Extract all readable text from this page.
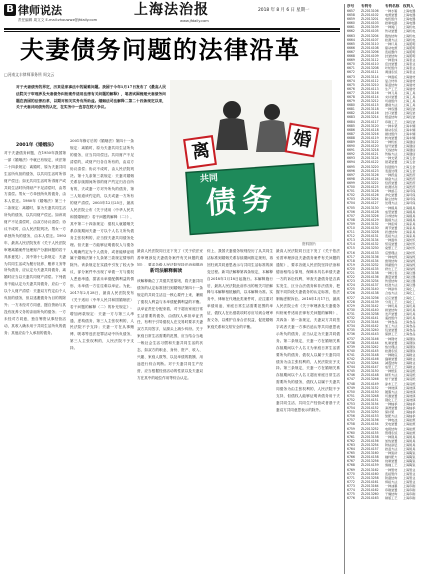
B 律师说法
责任编辑 周文文 E-mail:zhouwwz@jfdaily.com
上海法治报
www.jfdaily.com
2018 年 8 月 6 日 星期一
夫妻债务问题的法律沿革
□河南文丰律师事务所 周文云
对于夫妻债务的界定，历来是家事法中的疑难问题。我国于今年1月17日发布了《最高人民法院关于审理涉及夫妻债务纠纷案件适用法律有关问题的解释》，笔者试图梳理夫妻债务问题在我国的法律沿革，以期对相关实务有所助益。婚姻法司法解释二第二十四条规定以来，关于夫妻共同债务的认定，在实务中一直存在较大争议。
离
婚
共同
债务
资料图片
2001年《婚姻法》
对于夫妻债务问题，在1950年我国第一部《婚姻法》中就已有规定，该法第二十四条规定：离婚时，原为夫妻共同生活所负担的债务，以共同生活时所得财产偿还；如无共同生活时所得财产或共同生活时所得财产不足清偿时，由男方清偿。男女一方单独所负的债务，由本人偿还。1980年《婚姻法》第三十二条规定：离婚时，原为夫妻共同生活所负的债务，以共同财产偿还。如该项财产不足清偿时，由双方协议清偿；协议不成时，由人民法院判决。男女一方单独所负的债务，由本人偿还。1993年，最高人民法院发布《关于人民法院审理离婚案件处理财产分割问题的若干具体意见》，其中第十七条规定：夫妻为共同生活或为履行抚养、赡养义务等所负债务，应认定为夫妻共同债务，离婚时应当以夫妻共同财产清偿。下列债务不能认定为夫妻共同债务，应由一方以个人财产清偿：夫妻双方约定由个人负担的债务，但以逃避债务为目的的除外；一方未经对方同意，擅自资助与其没有抚养义务的亲朋所负的债务；一方未经对方同意，独自筹资从事经营活动，其收入确未用于共同生活所负的债务；其他应由个人承担的债务。
2001年修订后的《婚姻法》第四十一条规定：离婚时，原为夫妻共同生活所负的债务，应当共同偿还。共同财产不足清偿的，或财产归各自所有的，由双方协议清偿；协议不成时，由人民法院判决。第十九条第三款规定：夫妻对婚姻关系存续期间所得的财产约定归各自所有的，夫或妻一方对外所负的债务，第三人知道该约定的，以夫或妻一方所有的财产清偿。2003年12月25日，最高人民法院公布《关于适用〈中华人民共和国婚姻法〉若干问题的解释（二）》，其中第二十四条规定：债权人就婚姻关系存续期间夫妻一方以个人名义所负债务主张权利的，应当按夫妻共同债务处理。但夫妻一方能够证明债权人与债务人明确约定为个人债务，或者能够证明属于婚姻法第十九条第三款规定情形的除外。该条规定在实践中引发了较大争议，部分案件中出现了举债一方与债权人恶意串通、损害未举债配偶利益的情形，未举债一方往往难以举证。为此，2017年2月28日，最高人民法院发布《关于适用〈中华人民共和国婚姻法〉若干问题的解释（二）的补充规定》，增加两款规定：夫妻一方与第三人串通，虚构债务，第三人主张权利的，人民法院不予支持；夫妻一方在从事赌博、吸毒等违法犯罪活动中所负债务，第三人主张权利的，人民法院不予支持。
最高人民法院同日还下发了《关于依法妥善审理涉及夫妻债务案件有关问题的通知》，要求各级人民法院坚持法治和德治
新司法解释解读
该解释确立了共债共签原则，将夫妻共同债务的认定标准回归到婚姻法第四十一条规定的共同生活这一核心要件上来，兼顾了债权人利益与未举债配偶利益的平衡。从举证责任分配来看，对于超出家庭日常生活需要的债务，由债权人承担举证责任，有利于引导债权人在交易时要求夫妻双方共同签字，从源头上减少纠纷。关于家庭日常生活需要的范围，应当结合当地一般社会生活习惯和夫妻共同生活的状态，如双方的职业、身份、资产、收入、兴趣、家庭人数等，以及举债的数额、用途进行综合判断。对于夫妻共同生产经营，应当根据经营活动的性质以及夫妻双方在其中的地位作用等综合认定。
综上，我国夫妻债务规则经历了从共同生活标准到婚姻关系存续期间推定规则，再回归到共同意思表示与共同生活标准的演变过程。新司法解释第四条规定，本解释自2018年1月18日起施行。本解释施行后，最高人民法院此前作出的相关司法解释与本解释相抵触的，以本解释为准。实务中，律师在代理此类案件时，应注重对举债用途、家庭日常生活需要范围的举证，债权人在出借款项时亦应尽到合理审查义务，以维护自身合法权益，促进婚姻家庭关系和交易安全的平衡。
最高人民法院同日还下发了《关于依法妥善审理涉及夫妻债务案件有关问题的通知》，要求各级人民法院坚持法治和德治相结合原则，保障未具名举债夫妻一方的诉讼权利，审查夫妻债务是否真实发生，区分合法债务和非法债务，把握不同阶段夫妻债务的认定标准，依法制裁虚假诉讼。2018年1月17日，最高人民法院公布《关于审理涉及夫妻债务纠纷案件适用法律有关问题的解释》，共四条：第一条规定，夫妻双方共同签字或者夫妻一方事后追认等共同意思表示所负的债务，应当认定为夫妻共同债务。第二条规定，夫妻一方在婚姻关系存续期间以个人名义为家庭日常生活需要所负的债务，债权人以属于夫妻共同债务为由主张权利的，人民法院应予支持。第三条规定，夫妻一方在婚姻关系存续期间以个人名义超出家庭日常生活需要所负的债务，债权人以属于夫妻共同债务为由主张权利的，人民法院不予支持，但债权人能够证明该债务用于夫妻共同生活、共同生产经营或者基于夫妻双方共同意思表示的除外。
序号	专利号	专利名称	权利人
6657	ZL2013106	一种水箱	上海电器
6658	ZL2014102	电源装置	上海电器
6659	ZL2013201	电机组件	上海电器
6660	ZL2014103	控制电路	上海电器
6661	ZL2013109	一种阀门	上海机电
6662	ZL2014105	传动装置	上海机电
6663	ZL2013204	散热结构	上海机电
6664	ZL2014107	检测方法	上海机电
6665	ZL2013110	一种灯具	上海照明
6666	ZL2014108	驱动电源	上海照明
6667	ZL2013206	连接器件	上海照明
6668	ZL2014109	封装结构	上海照明
6669	ZL2013112	一种泵体	上海泵业
6670	ZL2014110	密封装置	上海泵业
6671	ZL2013208	叶轮组件	上海泵业
6672	ZL2014111	调速系统	上海泵业
6673	ZL2013114	一种面板	上海建材
6674	ZL2014112	复合材料	上海建材
6675	ZL2013210	保温结构	上海建材
6676	ZL2014113	生产工艺	上海建材
6677	ZL2013116	一种刀具	上海工具
6678	ZL2014114	夹持装置	上海工具
6679	ZL2013212	切削组件	上海工具
6680	ZL2014115	磨削方法	上海工具
6681	ZL2013118	一种容器	上海包装
6682	ZL2014116	封口装置	上海包装
6683	ZL2013214	纸盒结构	上海包装
6684	ZL2014117	印刷工艺	上海包装
6685	ZL2013120	一种车架	上海车辆
6686	ZL2014118	制动系统	上海车辆
6687	ZL2013216	悬挂组件	上海车辆
6688	ZL2014119	转向装置	上海车辆
6689	ZL2013122	一种机柜	上海通信
6690	ZL2014120	信号装置	上海通信
6691	ZL2013218	天线结构	上海通信
6692	ZL2014121	传输方法	上海通信
6693	ZL2013124	一种支架	上海五金
6694	ZL2014122	锁紧装置	上海五金
6695	ZL2013220	铰链组件	上海五金
6696	ZL2014123	表面处理	上海五金
6697	ZL2013126	一种药盒	上海医药
6698	ZL2014124	制备方法	上海医药
6699	ZL2013222	给药装置	上海医药
6700	ZL2014125	检测试剂	上海医药
6701	ZL2013128	一种滤芯	上海环保
6702	ZL2014126	净化装置	上海环保
6703	ZL2013224	除尘结构	上海环保
6704	ZL2014127	处理方法	上海环保
6705	ZL2013130	一种模具	上海模具
6706	ZL2014128	成型装置	上海模具
6707	ZL2013226	冷却结构	上海模具
6708	ZL2014129	脱模方法	上海模具
6709	ZL2013132	一种座椅	上海家具
6710	ZL2014130	调节装置	上海家具
6711	ZL2013228	折叠结构	上海家具
6712	ZL2014131	连接方法	上海家具
6713	ZL2013134	一种面料	上海纺织
6714	ZL2014132	织造装置	上海纺织
6715	ZL2013230	染整工艺	上海纺织
6716	ZL2014133	后整理法	上海纺织
6717	ZL2013136	一种电缆	上海线缆
6718	ZL2014134	绝缘结构	上海线缆
6719	ZL2013232	屏蔽组件	上海线缆
6720	ZL2014135	挤出工艺	上海线缆
6721	ZL2013138	一种仪表	上海仪器
6722	ZL2014136	测量装置	上海仪器
6723	ZL2013234	传感结构	上海仪器
6724	ZL2014137	校准方法	上海仪器
6725	ZL2013140	一种涂料	上海化工
6726	ZL2014138	合成方法	上海化工
6727	ZL2013236	反应装置	上海化工
6728	ZL2014139	分离工艺	上海化工
6729	ZL2013142	一种玩具	上海玩具
6730	ZL2014140	拼装结构	上海玩具
6731	ZL2013238	发声装置	上海玩具
6732	ZL2014141	遥控组件	上海玩具
6733	ZL2013144	一种食品	上海食品
6734	ZL2014142	加工方法	上海食品
6735	ZL2013240	包装装置	上海食品
6736	ZL2014143	保鲜工艺	上海食品
6737	ZL2013146	一种钢材	上海钢铁
6738	ZL2014144	轧制装置	上海钢铁
6739	ZL2013242	热处理法	上海钢铁
6740	ZL2014145	检测系统	上海钢铁
6741	ZL2013148	一种鞋底	上海鞋业
6742	ZL2014146	缝制装置	上海鞋业
6743	ZL2013244	减震结构	上海鞋业
6744	ZL2014147	成型工艺	上海鞋业
6745	ZL2013150	一种纸张	上海造纸
6746	ZL2014148	制浆方法	上海造纸
6747	ZL2013246	烘干装置	上海造纸
6748	ZL2014149	涂布工艺	上海造纸
6749	ZL2013152	一种玻璃	上海玻璃
6750	ZL2014150	镀膜方法	上海玻璃
6751	ZL2013248	切割装置	上海玻璃
6752	ZL2014151	钢化工艺	上海玻璃
6753	ZL2013154	一种轴承	上海轴承
6754	ZL2014152	润滑装置	上海轴承
6755	ZL2013250	保持架	上海轴承
6756	ZL2014153	装配方法	上海轴承
6757	ZL2013156	一种电池	上海能源
6758	ZL2014154	充电装置	上海能源
6759	ZL2013252	电极结构	上海能源
6760	ZL2014155	管理系统	上海能源
6761	ZL2013158	一种锅具	上海厨具
6762	ZL2014156	加热装置	上海厨具
6763	ZL2013254	防粘涂层	上海厨具
6764	ZL2014157	控温方法	上海厨具
6765	ZL2013160	一种瓷砖	上海陶瓷
6766	ZL2014158	釉料配方	上海陶瓷
6767	ZL2013256	烧制装置	上海陶瓷
6768	ZL2014159	施釉工艺	上海陶瓷
6769	ZL2013162	一种管材	上海管业
6770	ZL2014160	连接管件	上海管业
6771	ZL2013258	防腐结构	上海管业
6772	ZL2014161	焊接方法	上海管业
6773	ZL2013164	一种油墨	上海印刷
6774	ZL2014162	印刷装置	上海印刷
6775	ZL2013260	干燥结构	上海印刷
6776	ZL2014163	制版工艺	上海印刷
